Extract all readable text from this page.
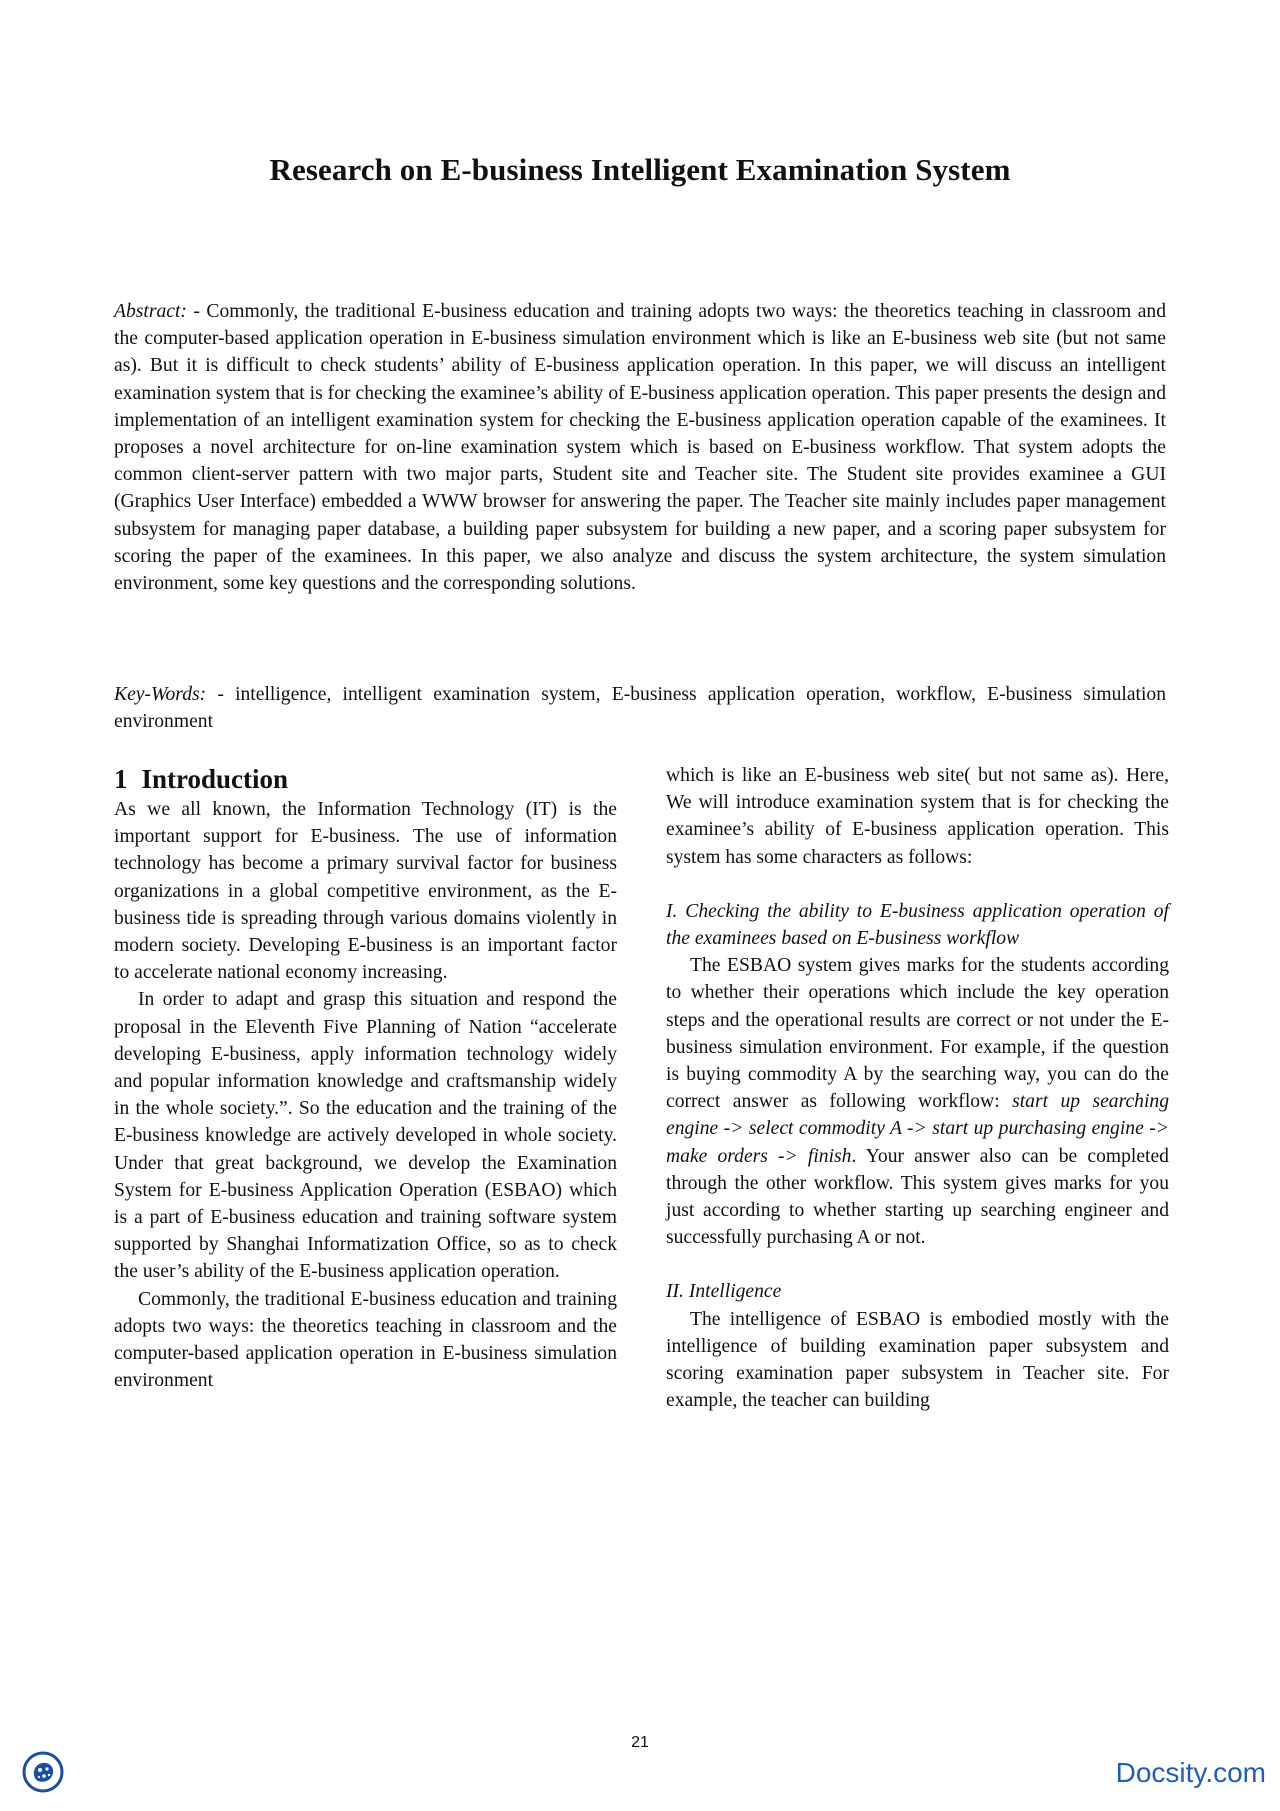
Research on E-business Intelligent Examination System
Abstract: - Commonly, the traditional E-business education and training adopts two ways: the theoretics teaching in classroom and the computer-based application operation in E-business simulation environment which is like an E-business web site (but not same as). But it is difficult to check students’ ability of E-business application operation. In this paper, we will discuss an intelligent examination system that is for checking the examinee’s ability of E-business application operation. This paper presents the design and implementation of an intelligent examination system for checking the E-business application operation capable of the examinees. It proposes a novel architecture for on-line examination system which is based on E-business workflow. That system adopts the common client-server pattern with two major parts, Student site and Teacher site. The Student site provides examinee a GUI (Graphics User Interface) embedded a WWW browser for answering the paper. The Teacher site mainly includes paper management subsystem for managing paper database, a building paper subsystem for building a new paper, and a scoring paper subsystem for scoring the paper of the examinees. In this paper, we also analyze and discuss the system architecture, the system simulation environment, some key questions and the corresponding solutions.
Key-Words: - intelligence, intelligent examination system, E-business application operation, workflow, E-business simulation environment
1 Introduction

As we all known, the Information Technology (IT) is the important support for E-business. The use of information technology has become a primary survival factor for business organizations in a global competitive environment, as the E-business tide is spreading through various domains violently in modern society. Developing E-business is an important factor to accelerate national economy increasing.

In order to adapt and grasp this situation and respond the proposal in the Eleventh Five Planning of Nation “accelerate developing E-business, apply information technology widely and popular information knowledge and craftsmanship widely in the whole society.”. So the education and the training of the E-business knowledge are actively developed in whole society. Under that great background, we develop the Examination System for E-business Application Operation (ESBAO) which is a part of E-business education and training software system supported by Shanghai Informatization Office, so as to check the user’s ability of the E-business application operation.

Commonly, the traditional E-business education and training adopts two ways: the theoretics teaching in classroom and the computer-based application operation in E-business simulation environment

which is like an E-business web site( but not same as). Here, We will introduce examination system that is for checking the examinee’s ability of E-business application operation. This system has some characters as follows:

I. Checking the ability to E-business application operation of the examinees based on E-business workflow

The ESBAO system gives marks for the students according to whether their operations which include the key operation steps and the operational results are correct or not under the E-business simulation environment. For example, if the question is buying commodity A by the searching way, you can do the correct answer as following workflow: start up searching engine -> select commodity A -> start up purchasing engine -> make orders -> finish. Your answer also can be completed through the other workflow. This system gives marks for you just according to whether starting up searching engineer and successfully purchasing A or not.

II. Intelligence

The intelligence of ESBAO is embodied mostly with the intelligence of building examination paper subsystem and scoring examination paper subsystem in Teacher site. For example, the teacher can building

21
Docsity.com
